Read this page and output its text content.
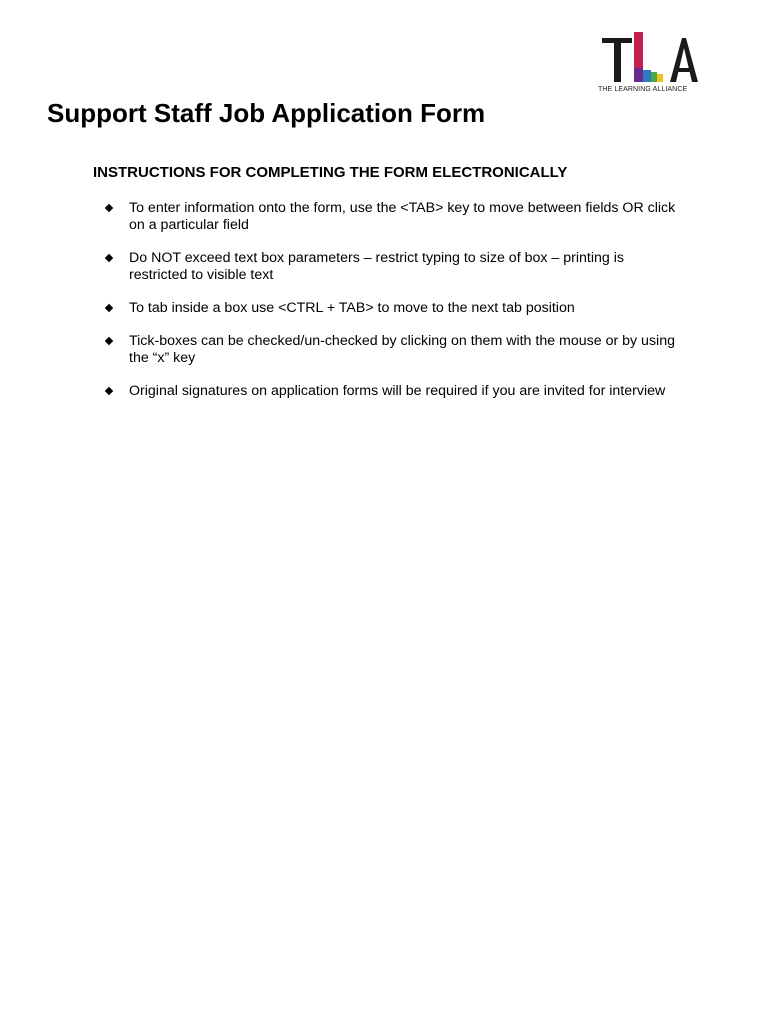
THE LEARNING ALLIANCE
Support Staff Job Application Form
INSTRUCTIONS FOR COMPLETING THE FORM ELECTRONICALLY
To enter information onto the form, use the <TAB> key to move between fields OR click on a particular field
Do NOT exceed text box parameters – restrict typing to size of box – printing is restricted to visible text
To tab inside a box use <CTRL + TAB> to move to the next tab position
Tick-boxes can be checked/un-checked by clicking on them with the mouse or by using the “x” key
Original signatures on application forms will be required if you are invited for interview
